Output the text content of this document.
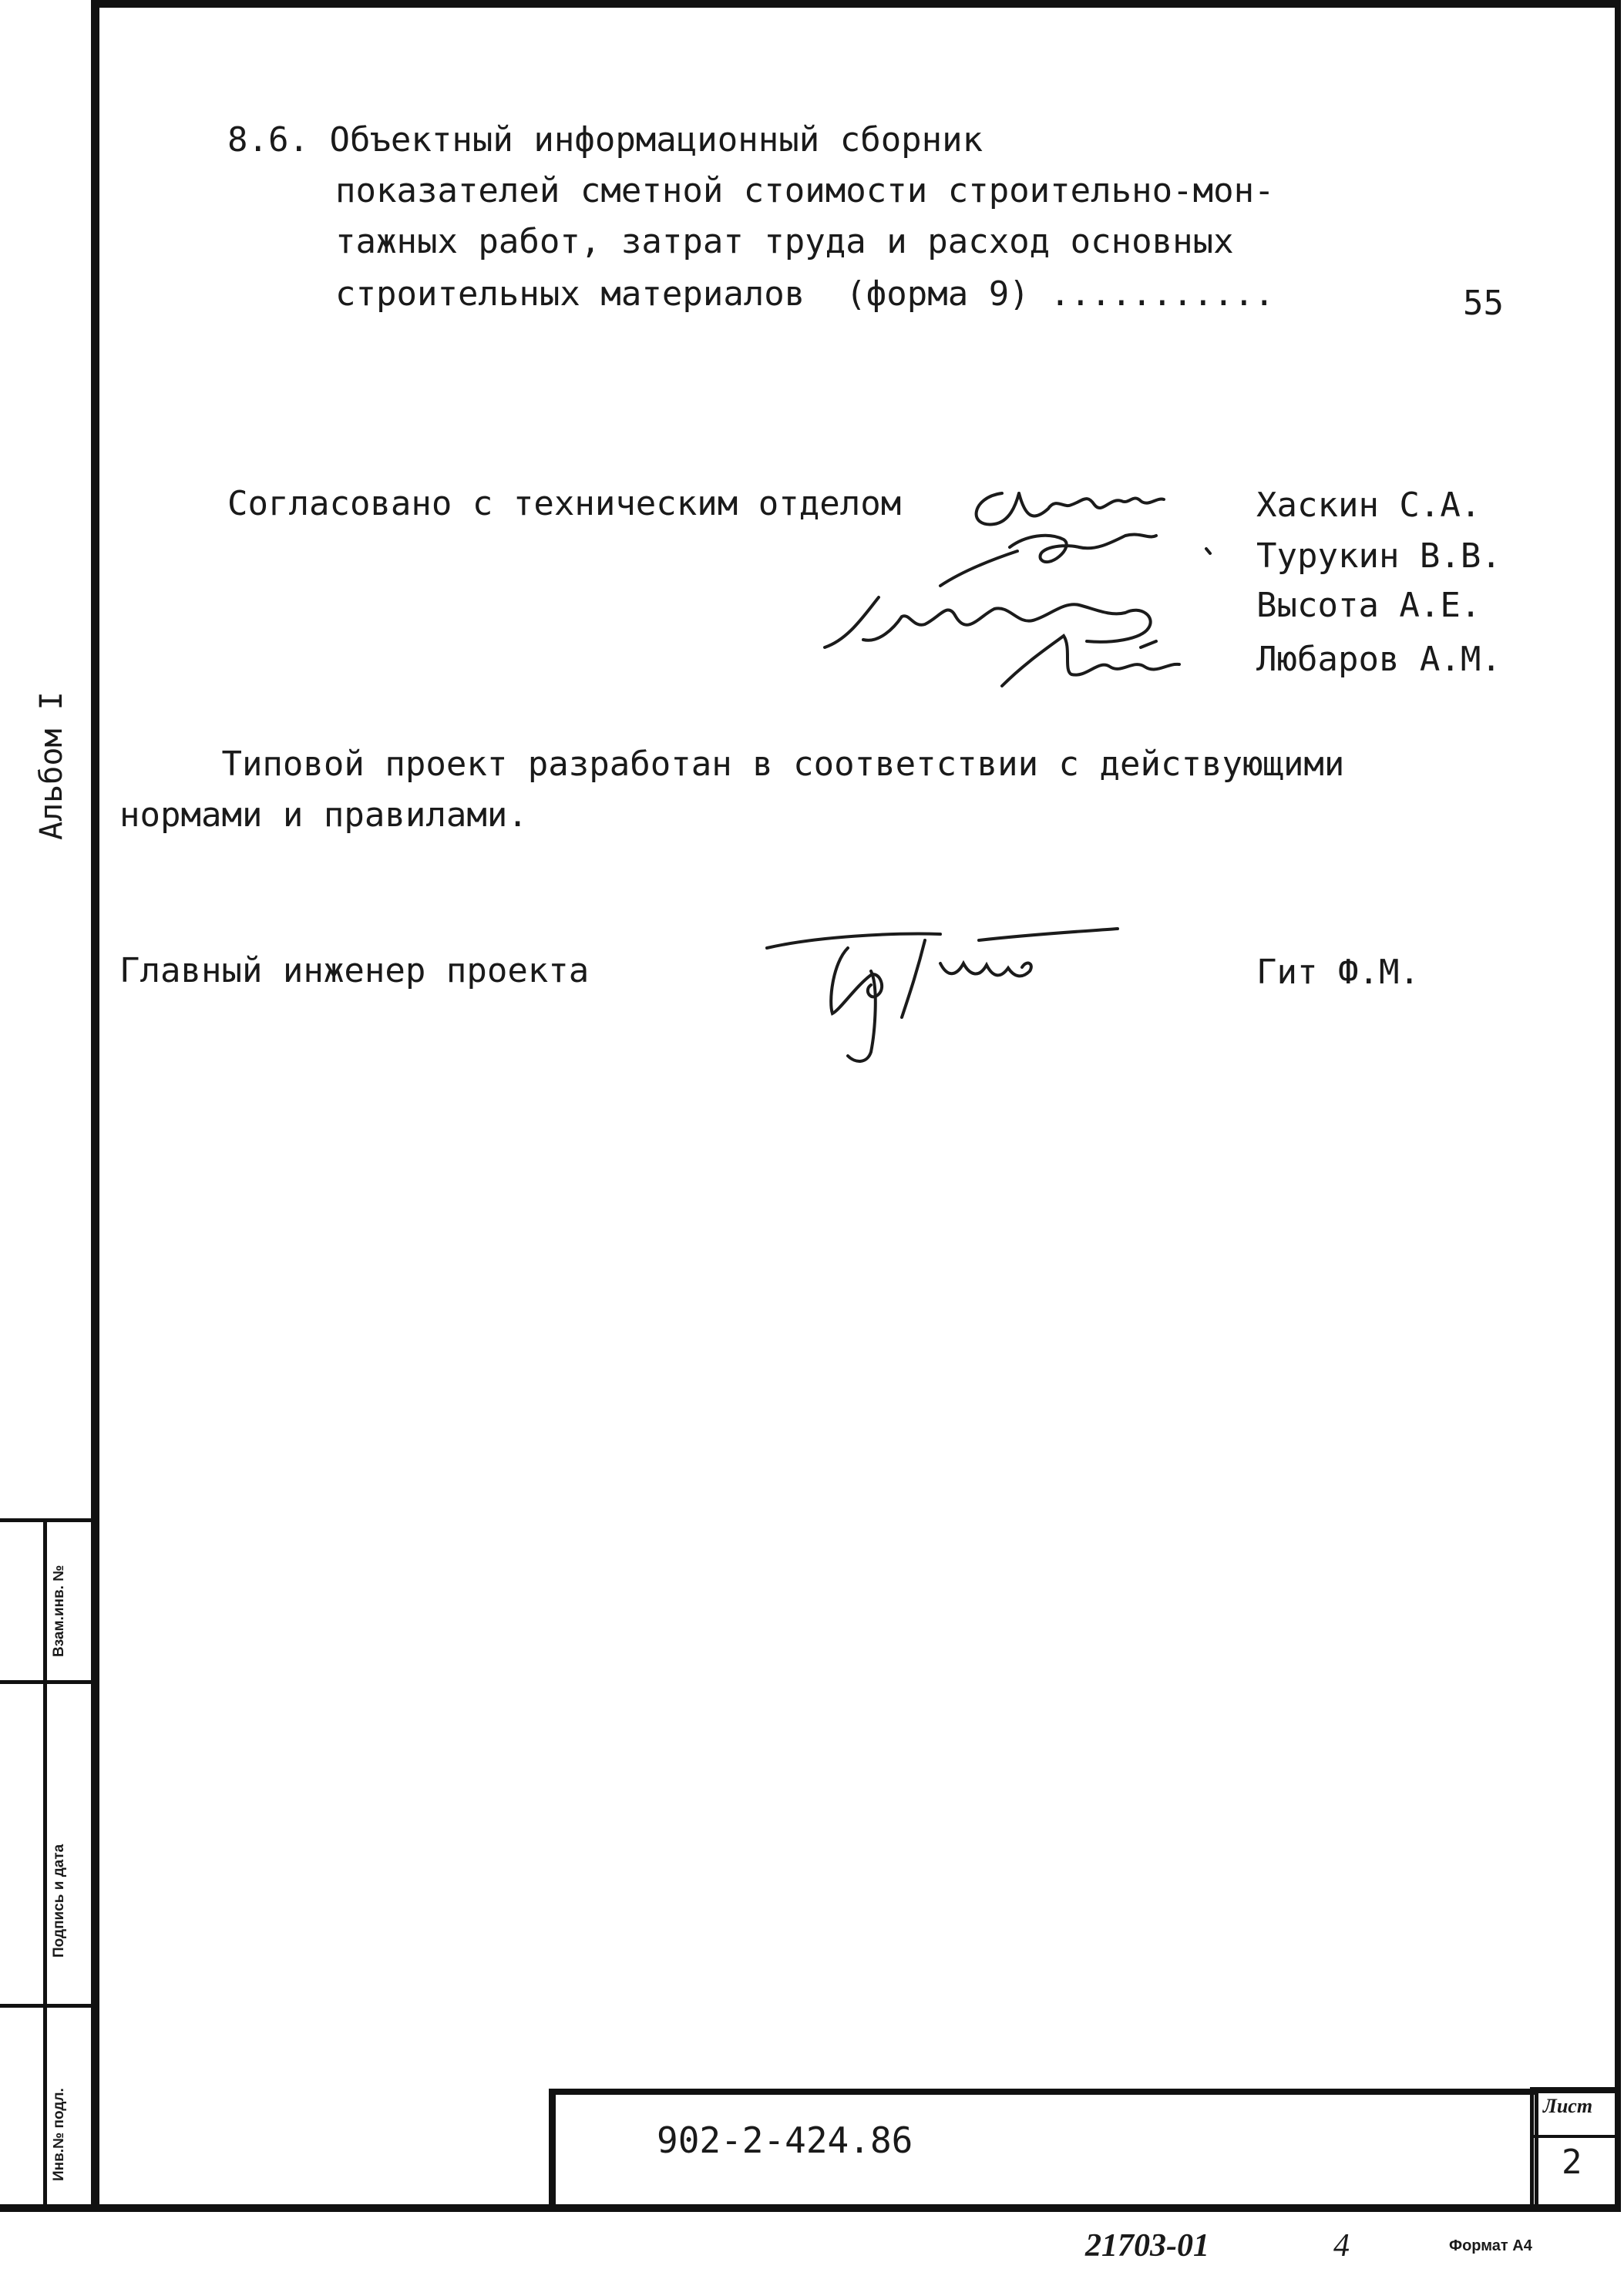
Альбом I
Взам.инв. №
Подпись и дата
Инв.№ подл.
8.6. Объектный информационный сборник
показателей сметной стоимости строительно-мон-
тажных работ, затрат труда и расход основных
строительных материалов  (форма 9) ...........	55
Согласовано с техническим отделом	Хаскин С.А.
Турукин В.В.
Высота А.Е.
Любаров А.М.
Типовой проект разработан в соответствии с действующими
нормами и правилами.
Главный инженер проекта	Гит Ф.М.
902-2-424.86
Лист
2
21703-01	4	Формат А4
